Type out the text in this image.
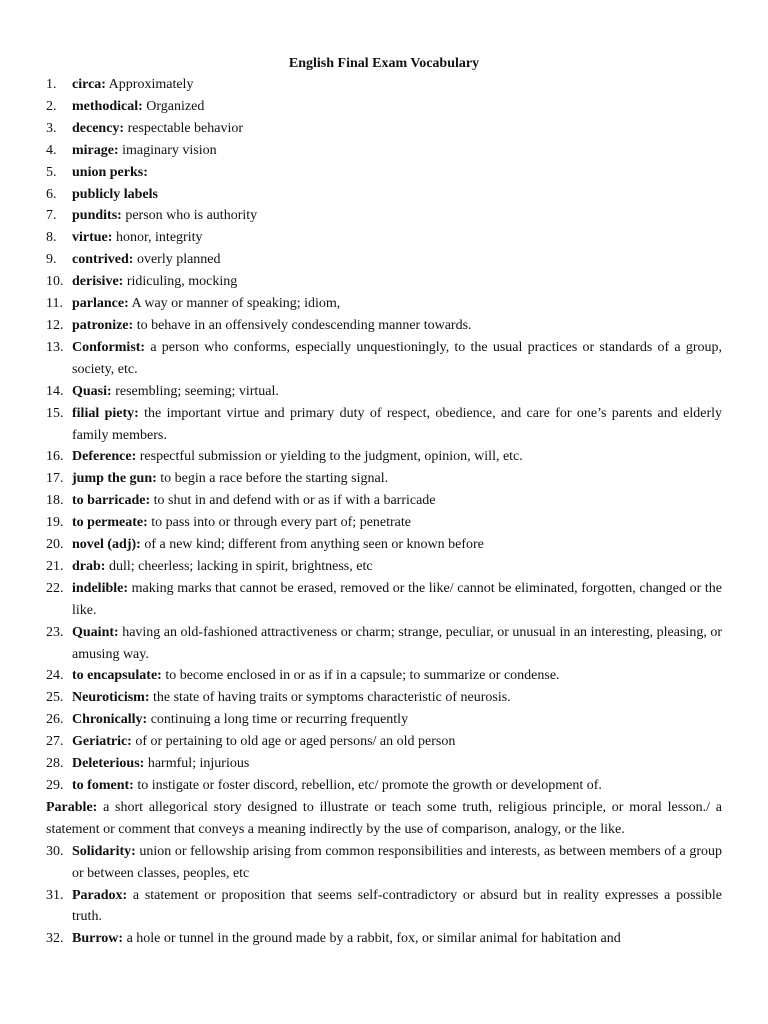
English Final Exam Vocabulary
1.	circa: Approximately
2.	methodical: Organized
3.	decency: respectable behavior
4.	mirage: imaginary vision
5.	union perks:
6.	publicly labels
7.	pundits: person who is authority
8.	virtue: honor, integrity
9.	contrived: overly planned
10. derisive: ridiculing, mocking
11. parlance: A way or manner of speaking; idiom,
12. patronize: to behave in an offensively condescending manner towards.
13. Conformist: a person who conforms, especially unquestioningly, to the usual practices or standards of a group, society, etc.
14. Quasi: resembling; seeming; virtual.
15. filial piety: the important virtue and primary duty of respect, obedience, and care for one’s parents and elderly family members.
16. Deference: respectful submission or yielding to the judgment, opinion, will, etc.
17. jump the gun: to begin a race before the starting signal.
18. to barricade: to shut in and defend with or as if with a barricade
19. to permeate: to pass into or through every part of; penetrate
20. novel (adj): of a new kind; different from anything seen or known before
21. drab: dull; cheerless; lacking in spirit, brightness, etc
22. indelible: making marks that cannot be erased, removed or the like/ cannot be eliminated, forgotten, changed or the like.
23. Quaint: having an old-fashioned attractiveness or charm; strange, peculiar, or unusual in an interesting, pleasing, or amusing way.
24. to encapsulate: to become enclosed in or as if in a capsule; to summarize or condense.
25. Neuroticism: the state of having traits or symptoms characteristic of neurosis.
26. Chronically: continuing a long time or recurring frequently
27. Geriatric: of or pertaining to old age or aged persons/ an old person
28. Deleterious: harmful; injurious
29. to foment: to instigate or foster discord, rebellion, etc/ promote the growth or development of.
Parable: a short allegorical story designed to illustrate or teach some truth, religious principle, or moral lesson./ a statement or comment that conveys a meaning indirectly by the use of comparison, analogy, or the like.
30. Solidarity: union or fellowship arising from common responsibilities and interests, as between members of a group or between classes, peoples, etc
31. Paradox: a statement or proposition that seems self-contradictory or absurd but in reality expresses a possible truth.
32. Burrow: a hole or tunnel in the ground made by a rabbit, fox, or similar animal for habitation and
